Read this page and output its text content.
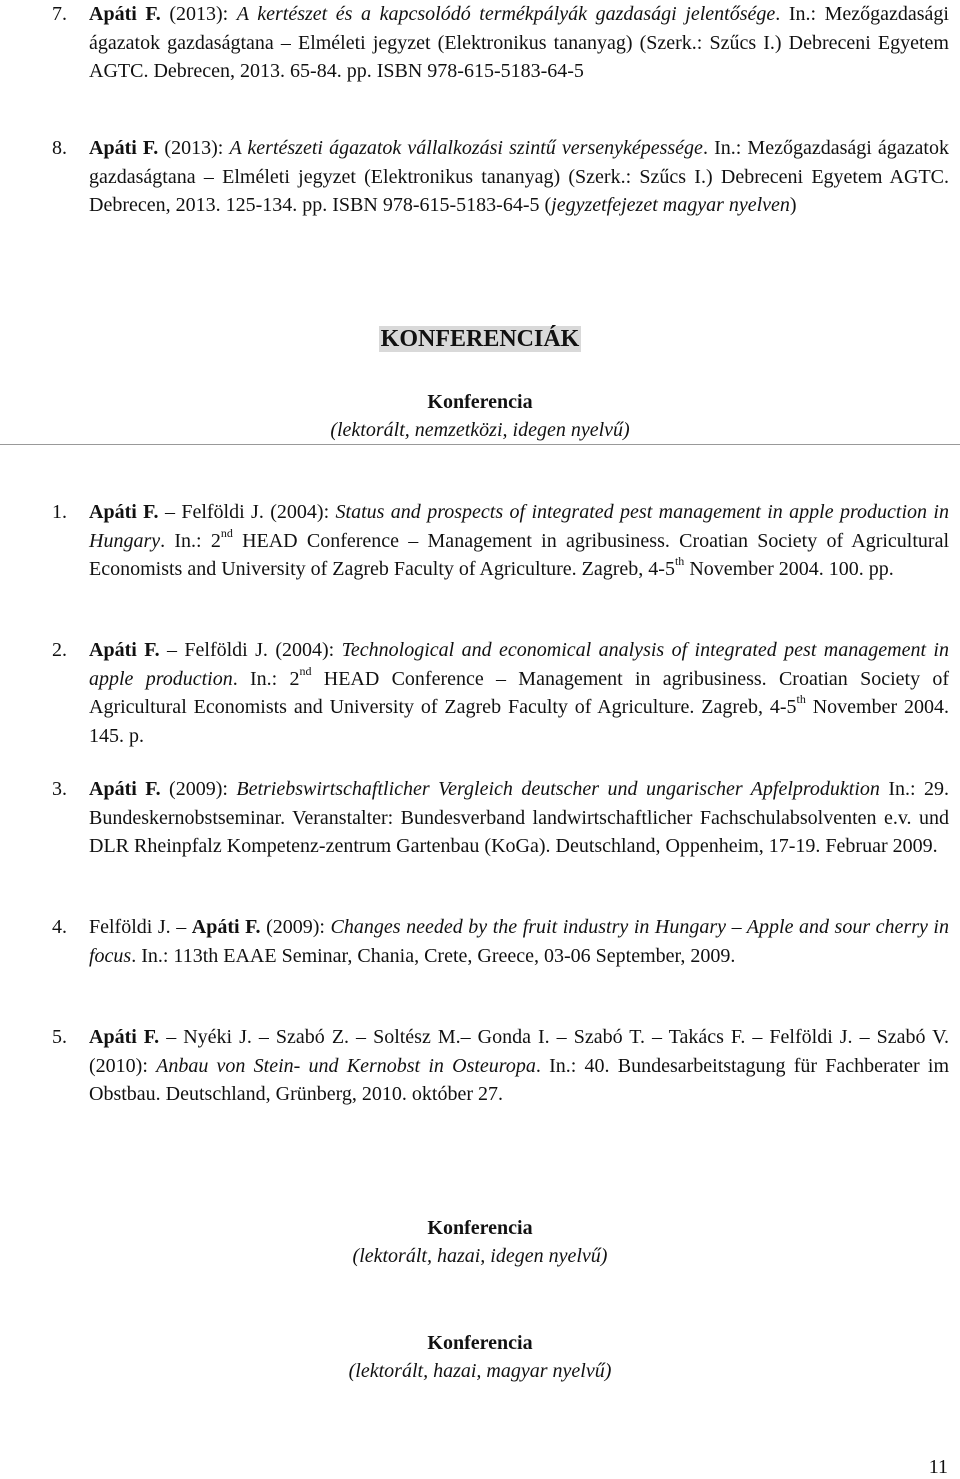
7. Apáti F. (2013): A kertészet és a kapcsolódó termékpályák gazdasági jelentősége. In.: Mezőgazdasági ágazatok gazdaságtana – Elméleti jegyzet (Elektronikus tananyag) (Szerk.: Szűcs I.) Debreceni Egyetem AGTC. Debrecen, 2013. 65-84. pp. ISBN 978-615-5183-64-5
8. Apáti F. (2013): A kertészeti ágazatok vállalkozási szintű versenyképessége. In.: Mezőgazdasági ágazatok gazdaságtana – Elméleti jegyzet (Elektronikus tananyag) (Szerk.: Szűcs I.) Debreceni Egyetem AGTC. Debrecen, 2013. 125-134. pp. ISBN 978-615-5183-64-5 (jegyzetfejezet magyar nyelven)
KONFERENCIÁK
Konferencia
(lektorált, nemzetközi, idegen nyelvű)
1. Apáti F. – Felföldi J. (2004): Status and prospects of integrated pest management in apple production in Hungary. In.: 2nd HEAD Conference – Management in agribusiness. Croatian Society of Agricultural Economists and University of Zagreb Faculty of Agriculture. Zagreb, 4-5th November 2004. 100. pp.
2. Apáti F. – Felföldi J. (2004): Technological and economical analysis of integrated pest management in apple production. In.: 2nd HEAD Conference – Management in agribusiness. Croatian Society of Agricultural Economists and University of Zagreb Faculty of Agriculture. Zagreb, 4-5th November 2004. 145. p.
3. Apáti F. (2009): Betriebswirtschaftlicher Vergleich deutscher und ungarischer Apfelproduktion In.: 29. Bundeskernobstseminar. Veranstalter: Bundesverband landwirtschaftlicher Fachschulabsolventen e.v. und DLR Rheinpfalz Kompetenz-zentrum Gartenbau (KoGa). Deutschland, Oppenheim, 17-19. Februar 2009.
4. Felföldi J. – Apáti F. (2009): Changes needed by the fruit industry in Hungary – Apple and sour cherry in focus. In.: 113th EAAE Seminar, Chania, Crete, Greece, 03-06 September, 2009.
5. Apáti F. – Nyéki J. – Szabó Z. – Soltész M.– Gonda I. – Szabó T. – Takács F. – Felföldi J. – Szabó V. (2010): Anbau von Stein- und Kernobst in Osteuropa. In.: 40. Bundesarbeitstagung für Fachberater im Obstbau. Deutschland, Grünberg, 2010. október 27.
Konferencia
(lektorált, hazai, idegen nyelvű)
Konferencia
(lektorált, hazai, magyar nyelvű)
11
